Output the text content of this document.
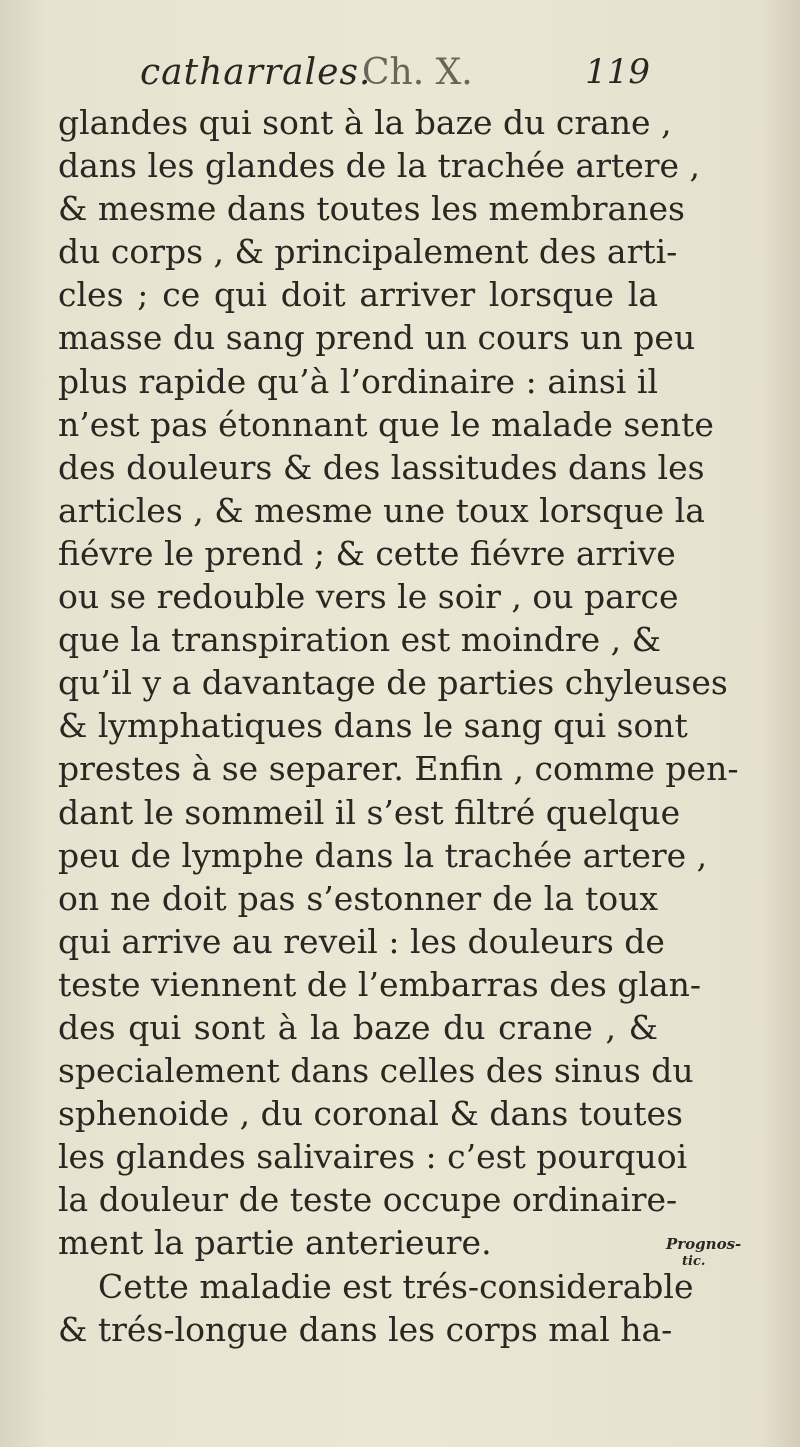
catharrales.
Ch. X.	119
glandes qui sont à la baze du crane ,
dans les glandes de la trachée artere ,
& mesme dans toutes les membranes
du corps , & principalement des arti-
cles ; ce qui doit arriver lorsque la
masse du sang prend un cours un peu
plus rapide qu’à l’ordinaire : ainsi il
n’est pas étonnant que le malade sente
des douleurs & des lassitudes dans les
articles , & mesme une toux lorsque la
fiévre le prend ; & cette fiévre arrive
ou se redouble vers le soir , ou parce
que la transpiration est moindre , &
qu’il y a davantage de parties chyleuses
& lymphatiques dans le sang qui sont
prestes à se separer. Enfin , comme pen-
dant le sommeil il s’est filtré quelque
peu de lymphe dans la trachée artere ,
on ne doit pas s’estonner de la toux
qui arrive au reveil : les douleurs de
teste viennent de l’embarras des glan-
des qui sont à la baze du crane , &
specialement dans celles des sinus du
sphenoide , du coronal & dans toutes
les glandes salivaires : c’est pourquoi
la douleur de teste occupe ordinaire-
ment la partie anterieure.
Cette maladie est trés-considerable
& trés-longue dans les corps mal ha-
Prognos-
tic.
